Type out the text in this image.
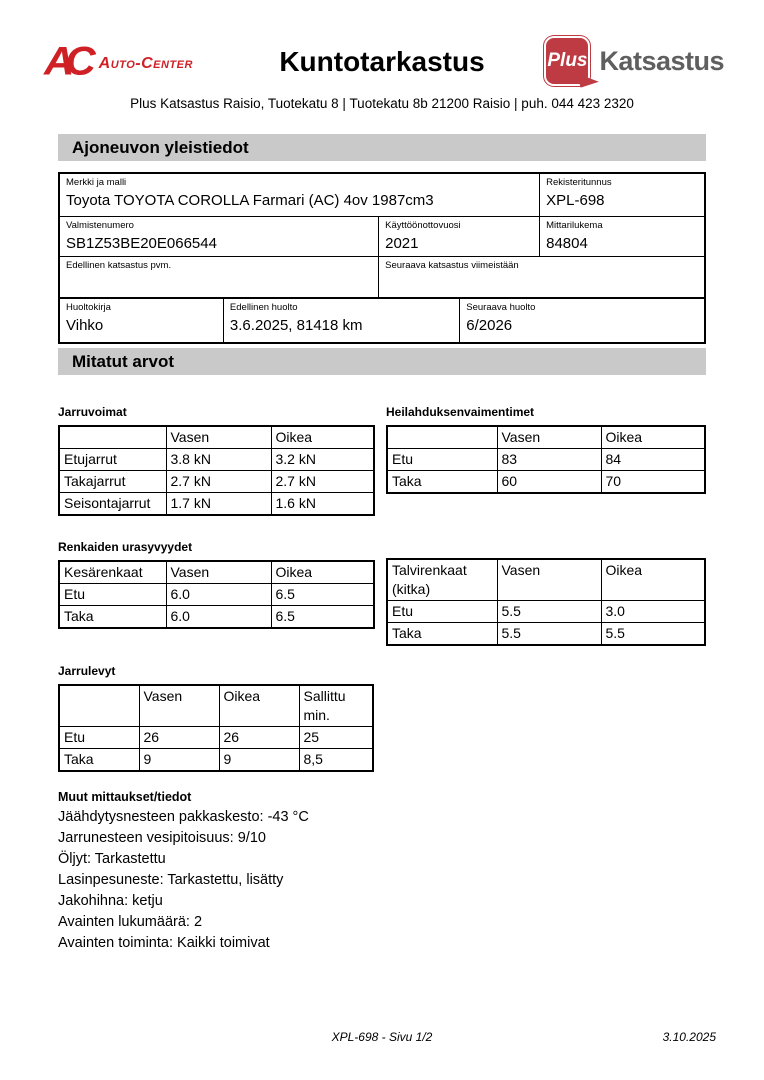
AC Auto-Center	Kuntotarkastus	Plus Katsastus
Plus Katsastus Raisio, Tuotekatu 8 | Tuotekatu 8b 21200 Raisio | puh. 044 423 2320
Ajoneuvon yleistiedot
Merkki ja malli
Toyota TOYOTA COROLLA Farmari (AC) 4ov 1987cm3
Rekisteritunnus
XPL-698
Valmistenumero
SB1Z53BE20E066544
Käyttöönottovuosi
2021
Mittarilukema
84804
Edellinen katsastus pvm.	Seuraava katsastus viimeistään
Huoltokirja
Vihko
Edellinen huolto
3.6.2025, 81418 km
Seuraava huolto
6/2026
Mitatut arvot
Jarruvoimat
	Vasen	Oikea
Etujarrut	3.8 kN	3.2 kN
Takajarrut	2.7 kN	2.7 kN
Seisontajarrut	1.7 kN	1.6 kN
Heilahduksenvaimentimet
	Vasen	Oikea
Etu	83	84
Taka	60	70
Renkaiden urasyvyydet
Kesärenkaat	Vasen	Oikea
Etu	6.0	6.5
Taka	6.0	6.5
Talvirenkaat (kitka)	Vasen	Oikea
Etu	5.5	3.0
Taka	5.5	5.5
Jarrulevyt
	Vasen	Oikea	Sallittu min.
Etu	26	26	25
Taka	9	9	8,5
Muut mittaukset/tiedot
Jäähdytysnesteen pakkaskesto: -43 °C
Jarrunesteen vesipitoisuus: 9/10
Öljyt: Tarkastettu
Lasinpesuneste: Tarkastettu, lisätty
Jakohihna: ketju
Avainten lukumäärä: 2
Avainten toiminta: Kaikki toimivat
XPL-698 - Sivu 1/2	3.10.2025
